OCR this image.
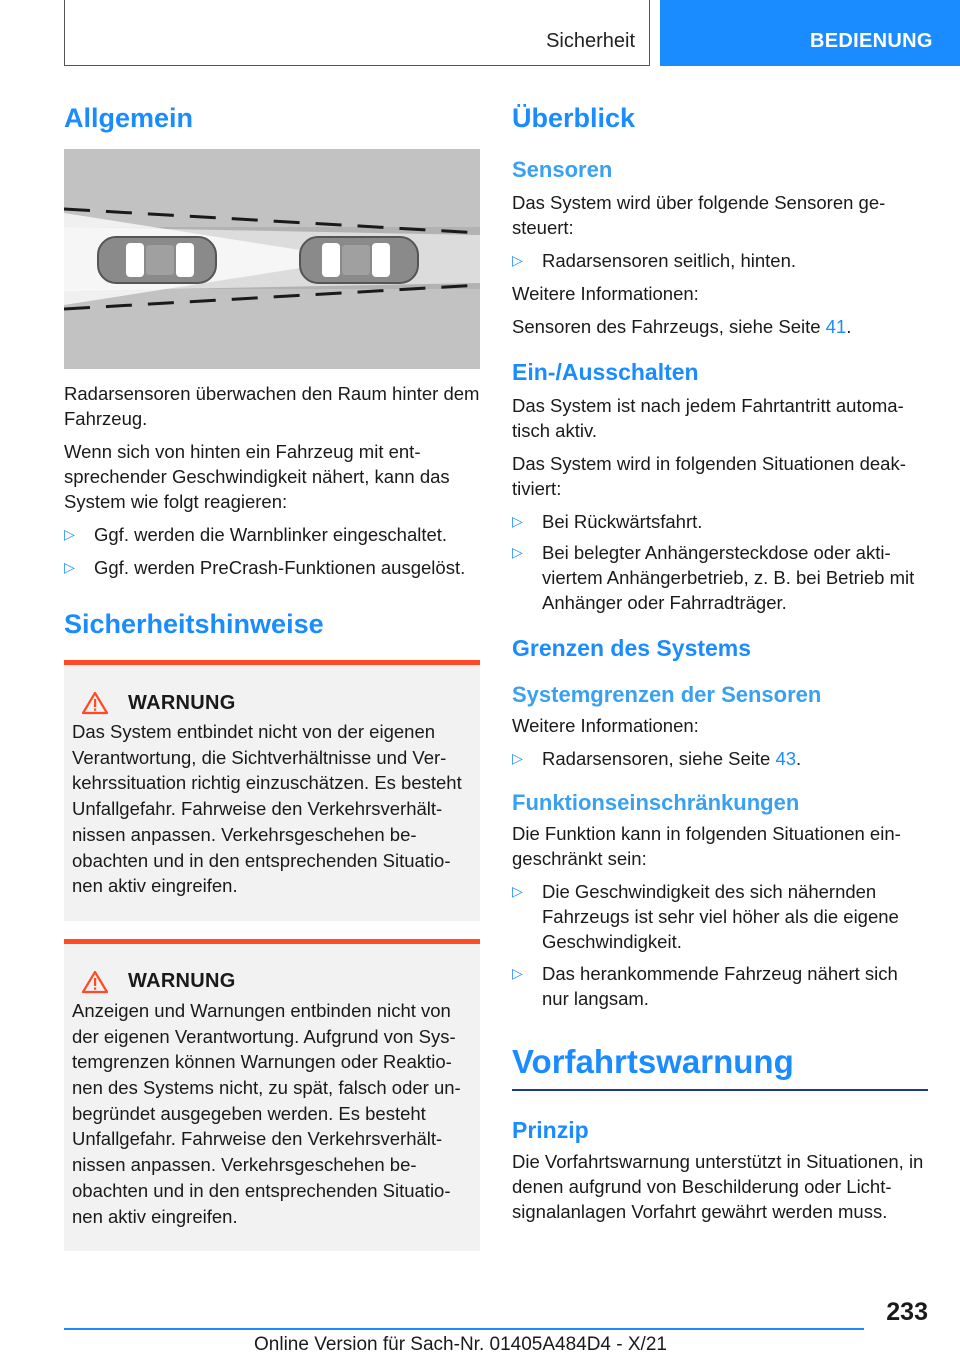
Sicherheit	BEDIENUNG
Allgemein

Radarsensoren überwachen den Raum hinter dem Fahrzeug.

Wenn sich von hinten ein Fahrzeug mit entsprechender Geschwindigkeit nähert, kann das System wie folgt reagieren:

▷ Ggf. werden die Warnblinker eingeschaltet.
▷ Ggf. werden PreCrash-Funktionen ausgelöst.
Sicherheitshinweise
WARNUNG

Das System entbindet nicht von der eigenen Verantwortung, die Sichtverhältnisse und Verkehrssituation richtig einzuschätzen. Es besteht Unfallgefahr. Fahrweise den Verkehrsverhältnissen anpassen. Verkehrsgeschehen beobachten und in den entsprechenden Situationen aktiv eingreifen.

WARNUNG

Anzeigen und Warnungen entbinden nicht von der eigenen Verantwortung. Aufgrund von Systemgrenzen können Warnungen oder Reaktionen des Systems nicht, zu spät, falsch oder unbegründet ausgegeben werden. Es besteht Unfallgefahr. Fahrweise den Verkehrsverhältnissen anpassen. Verkehrsgeschehen beobachten und in den entsprechenden Situationen aktiv eingreifen.

Überblick
Sensoren

Das System wird über folgende Sensoren gesteuert:

▷ Radarsensoren seitlich, hinten.

Weitere Informationen:

Sensoren des Fahrzeugs, siehe Seite 41.

Ein-/Ausschalten

Das System ist nach jedem Fahrtantritt automatisch aktiv.

Das System wird in folgenden Situationen deaktiviert:

▷ Bei Rückwärtsfahrt.
▷ Bei belegter Anhängersteckdose oder aktiviertem Anhängerbetrieb, z. B. bei Betrieb mit Anhänger oder Fahrradträger.
Grenzen des Systems
Systemgrenzen der Sensoren

Weitere Informationen:

▷ Radarsensoren, siehe Seite 43.
Funktionseinschränkungen

Die Funktion kann in folgenden Situationen eingeschränkt sein:

▷ Die Geschwindigkeit des sich nähernden Fahrzeugs ist sehr viel höher als die eigene Geschwindigkeit.
▷ Das herankommende Fahrzeug nähert sich nur langsam.
Vorfahrtswarnung
Prinzip

Die Vorfahrtswarnung unterstützt in Situationen, in denen aufgrund von Beschilderung oder Lichtsignalanlagen Vorfahrt gewährt werden muss.

233
Online Version für Sach-Nr. 01405A484D4 - X/21
